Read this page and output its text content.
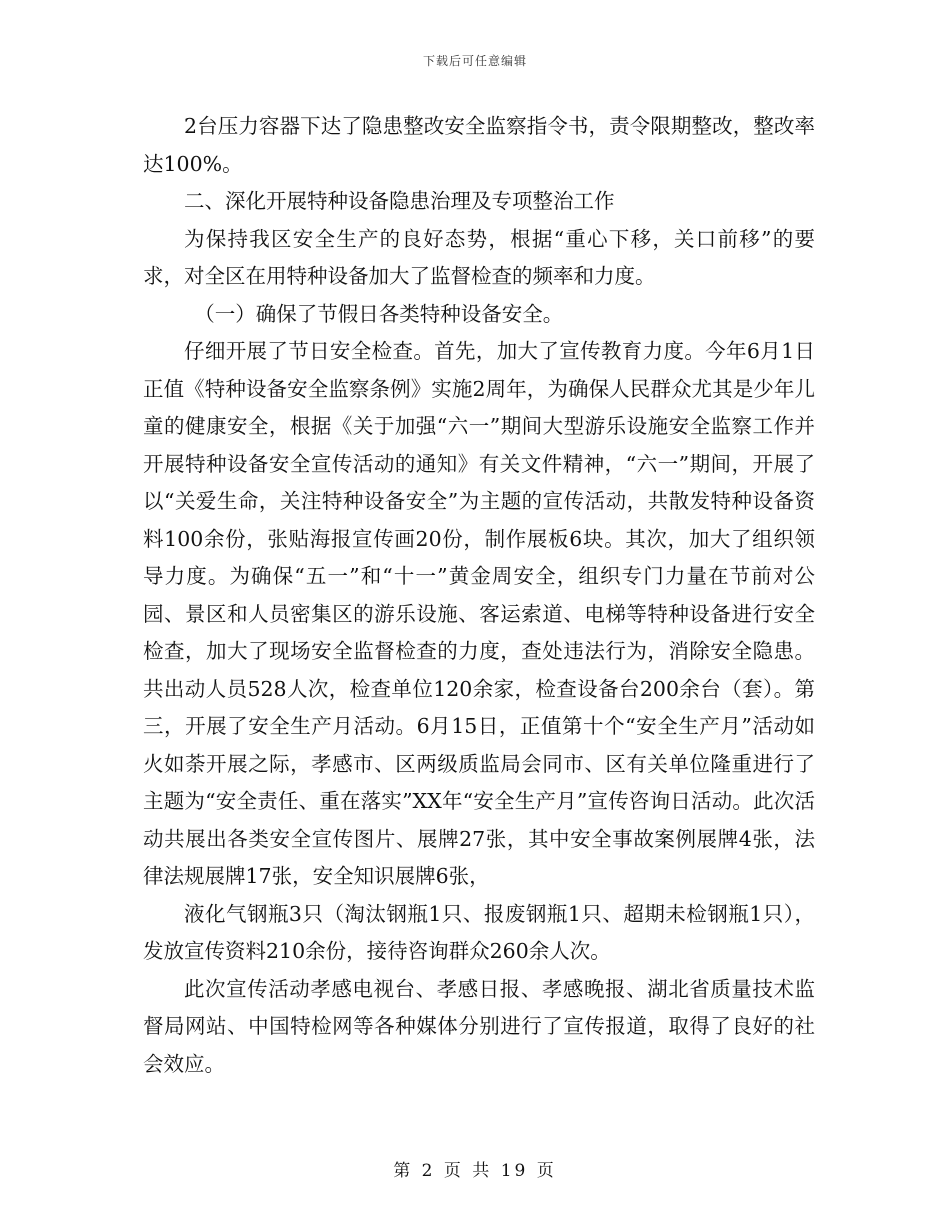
下载后可任意编辑

2台压力容器下达了隐患整改安全监察指令书，责令限期整改，整改率达100%。

二、深化开展特种设备隐患治理及专项整治工作

为保持我区安全生产的良好态势，根据“重心下移，关口前移”的要求，对全区在用特种设备加大了监督检查的频率和力度。

（一）确保了节假日各类特种设备安全。

仔细开展了节日安全检查。首先，加大了宣传教育力度。今年6月1日正值《特种设备安全监察条例》实施2周年，为确保人民群众尤其是少年儿童的健康安全，根据《关于加强“六一”期间大型游乐设施安全监察工作并开展特种设备安全宣传活动的通知》有关文件精神，“六一”期间，开展了以“关爱生命，关注特种设备安全”为主题的宣传活动，共散发特种设备资料100余份，张贴海报宣传画20份，制作展板6块。其次，加大了组织领导力度。为确保“五一”和“十一”黄金周安全，组织专门力量在节前对公园、景区和人员密集区的游乐设施、客运索道、电梯等特种设备进行安全检查，加大了现场安全监督检查的力度，查处违法行为，消除安全隐患。共出动人员528人次，检查单位120余家，检查设备台200余台（套）。第三，开展了安全生产月活动。6月15日，正值第十个“安全生产月”活动如火如荼开展之际，孝感市、区两级质监局会同市、区有关单位隆重进行了主题为“安全责任、重在落实”XX年“安全生产月”宣传咨询日活动。此次活动共展出各类安全宣传图片、展牌27张，其中安全事故案例展牌4张，法律法规展牌17张，安全知识展牌6张，

液化气钢瓶3只（淘汰钢瓶1只、报废钢瓶1只、超期未检钢瓶1只），发放宣传资料210余份，接待咨询群众260余人次。

此次宣传活动孝感电视台、孝感日报、孝感晚报、湖北省质量技术监督局网站、中国特检网等各种媒体分别进行了宣传报道，取得了良好的社会效应。

第 2 页 共 19 页
